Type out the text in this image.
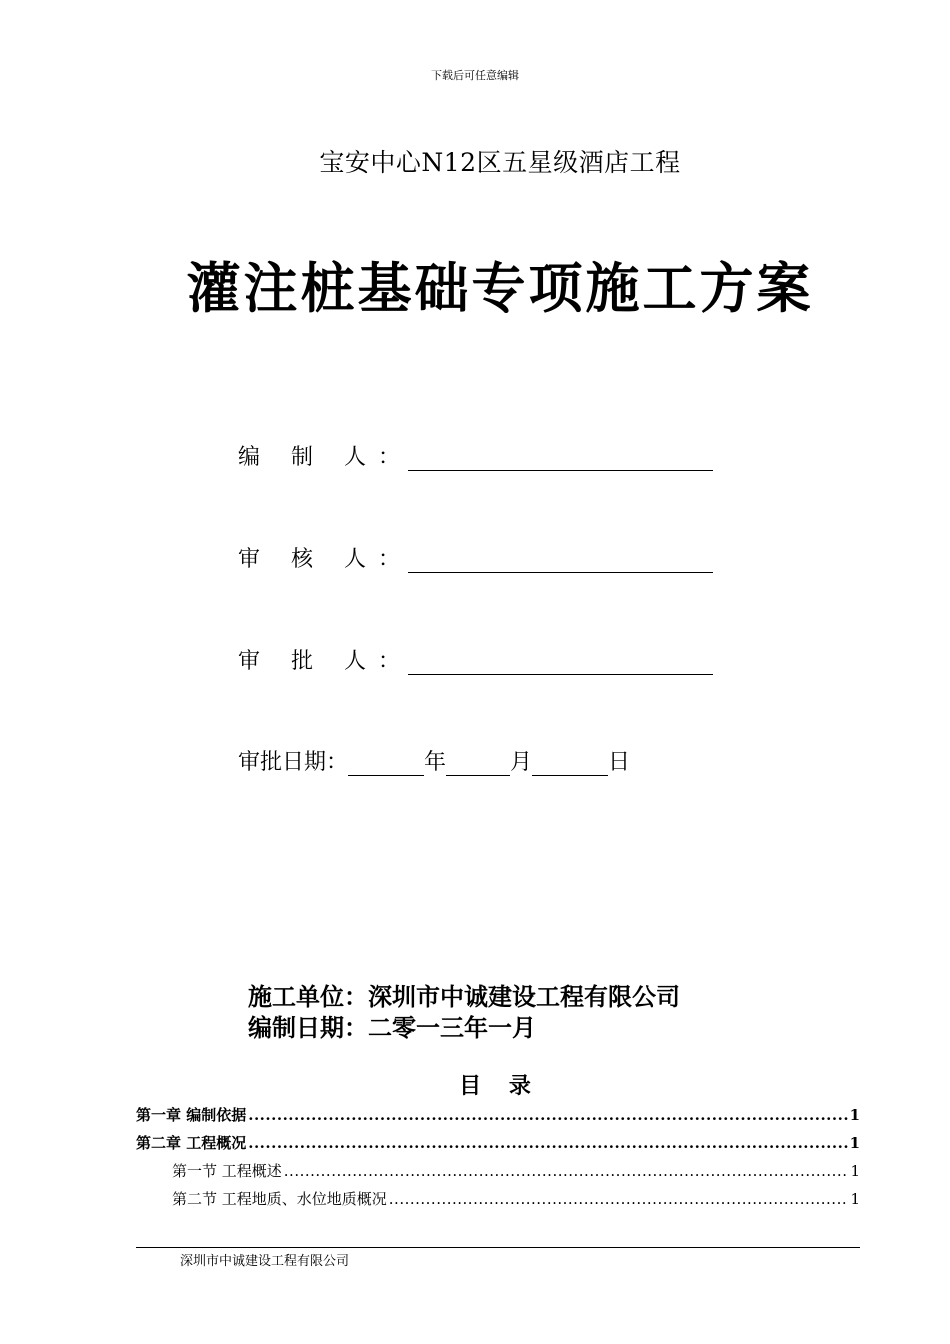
下载后可任意编辑
宝安中心N12区五星级酒店工程
灌注桩基础专项施工方案
编 制 人：
审 核 人：
审 批 人：
审批日期：	年	月	日
施工单位：深圳市中诚建设工程有限公司
编制日期：二零一三年一月
目 录
第一章 编制依据 .....	1
第二章 工程概况 .....	1
第一节 工程概述 .....	1
第二节 工程地质、水位地质概况 .....	1
深圳市中诚建设工程有限公司
